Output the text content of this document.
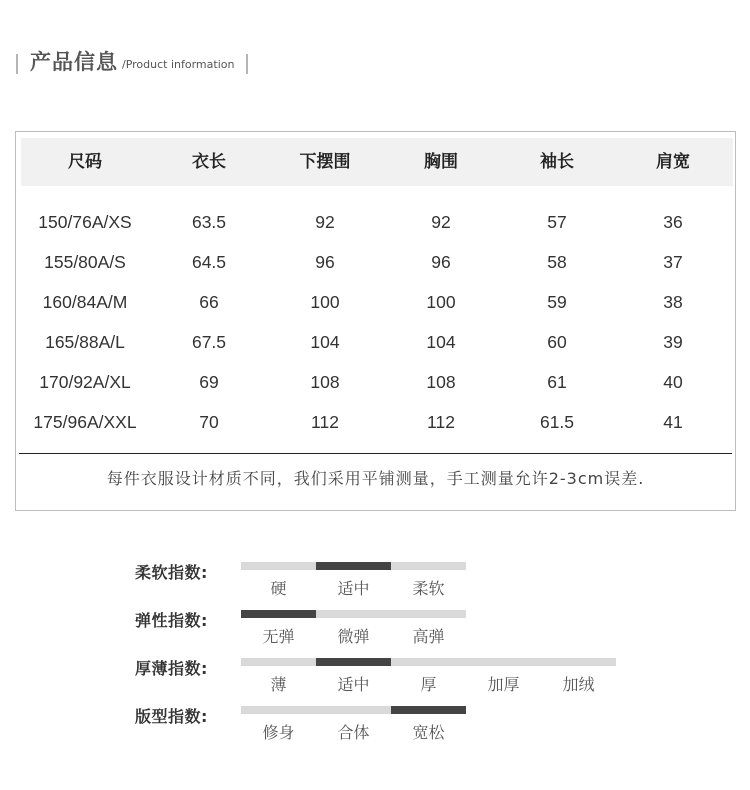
产品信息 /Product information
尺码	衣长	下摆围	胸围	袖长	肩宽
150/76A/XS	63.5	92	92	57	36
155/80A/S	64.5	96	96	58	37
160/84A/M	66	100	100	59	38
165/88A/L	67.5	104	104	60	39
170/92A/XL	69	108	108	61	40
175/96A/XXL	70	112	112	61.5	41
每件衣服设计材质不同，我们采用平铺测量，手工测量允许2-3cm误差.
柔软指数:
硬	适中	柔软
弹性指数:
无弹	微弹	高弹
厚薄指数:
薄	适中	厚	加厚	加绒
版型指数:
修身	合体	宽松
